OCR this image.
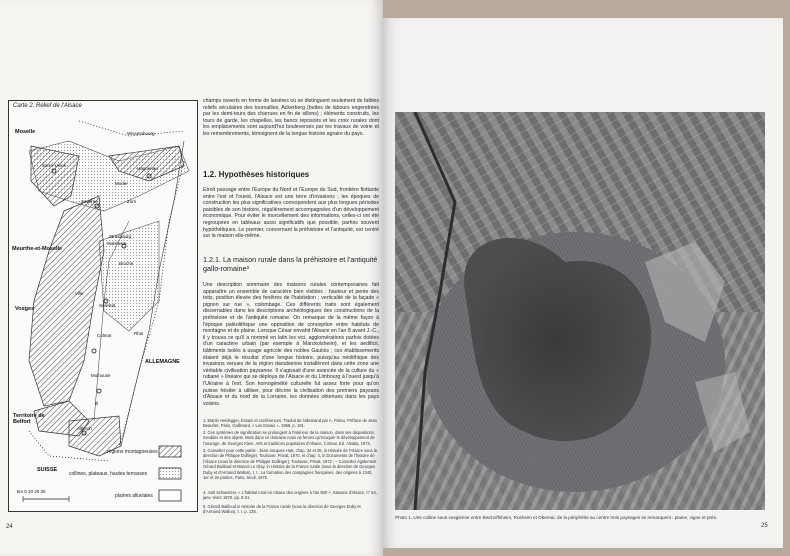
Carte 2. Relief de l'Alsace
Moselle	Wissembourg
Sarre-Union
Haguenau
Moder
Saverne	Zorn
Strasbourg
Molsheim
Meurthe-et-Moselle
Bruche
Vosges
Ville
Sélestat
Colmar	Rhin
ALLEMAGNE
Mulhouse
Territoire de Belfort
Altkirch
Ill
SUISSE
km 0 10 20 30
régions montagneuses
collines, plateaux, hautes terrasses
plaines alluviales
champs ouverts en forme de lanières où se distinguent seulement de faibles reliefs séculaires des tournailles, Ackerberg (buttes de labours engendrées par les demi-tours des charrues en fin de sillons) ; éléments construits, les tours de garde, les chapelles, les bancs reposoirs et les croix rurales dont les emplacements sont aujourd'hui bouleversés par les travaux de voirie et les remembrements, témoignent de la longue histoire agraire du pays.
1.2. Hypothèses historiques
Etroit passage entre l'Europe du Nord et l'Europe du Sud, frontière flottante entre l'est et l'ouest, l'Alsace est une terre d'invasions ; les époques de construction les plus significatives correspondent aux plus longues périodes paisibles de son histoire, régulièrement accompagnées d'un développement économique. Pour éviter le morcellement des informations, celles-ci ont été regroupées en tableaux aussi significatifs que possible, parfois souvent hypothétiques. Le premier, concernant la préhistoire et l'antiquité, est centré sur la maison elle-même.
1.2.1. La maison rurale dans la préhistoire et l'antiquité gallo-romaine³
Une description sommaire des maisons rurales contemporaines fait apparaître un ensemble de caractère bien visibles : hauteur et pente des toits, position élevée des fenêtres de l'habitation ; verticalité de la façade « pignon sur rue », colombage. Ces différents traits sont également discernables dans les descriptions archéologiques des constructions de la préhistoire et de l'antiquité romaine. On remarque de la même façon à l'époque paléolithique une opposition de conception entre habitats de montagne et de plaine. Lorsque César envahit l'Alsace en l'an 8 avant J.-C., il y trouva ce qu'il a nommé en latin les vici, agglomérations parfois dotées d'un caractère urbain (par exemple à Marckolsheim), et les aedificii, bâtiments isolés à usage agricole des nobles Gaulois ; ces établissements étaient déjà le résultat d'une longue histoire, puisqu'au néolithique des invasions venues de la région danubienne installèrent dans cette zone une véritable civilisation paysanne. Il s'agissait d'une avancée de la culture du « rubané » linéaire qui se déploya de l'Alsace et du Limbourg à l'ouest jusqu'à l'Ukraine à l'est. Son homogénéité culturelle fut assez forte pour qu'on puisse hésiter à utiliser, pour décrire la civilisation des premiers paysans d'Alsace et du nord de la Lorraine, les données obtenues dans les pays voisins.
1. Martin Heidegger, Essais et conférences, Traduit de l'allemand par A. Préau, Préface de Jean Beaufret, Paris, Gallimard, « Les Essais », 1958, p. 191.
2. Ces systèmes de signification se prolongent à l'intérieur de la maison, dans ses dispositions, meubles et des objets. Mais dans ce domaine nous ne ferons qu'évoquer le développement de l'ouvrage, de Georges Klein, Arts et traditions populaires d'Alsace, Colmar, Ed. Alsatia, 1973,
3. Consulter pour cette partie : Jean-Jacques Hatt, chap. 34 et 36, in Histoire de l'Alsace sous la direction de Philippe Dollinger, Toulouse, Privat, 1970, et chap. 4, in Documents de l'histoire de l'Alsace (sous la direction de Philippe Dollinger), Toulouse, Privat, 1972 ; – Consulter également Gérard Bailloud et Marcel Le Glay, in Histoire de la France rurale (sous la direction de Georges Duby et d'Armand Wallon), t. I : La formation des campagnes françaises, des origines à 1340, 1er et 2e parties, Paris, Seuil, 1975.
4. Joël Schweitzer, « L'habitat rural en Alsace des origines à l'an 800 », Saisons d'Alsace, n° 64, janv.-mars 1978, pp. 8-31.
5. Gérard Bailloud in Histoire de la France rurale (sous la direction de Georges Duby et d'Armand Wallon), t. I, p. 135.
24
Photo 1. Une colline sous-vosgienne entre Bischoffsheim, Rosheim et Obernai, de la périphérie au centre trois paysages se remarquent : plaine, vigne et prés.
25
